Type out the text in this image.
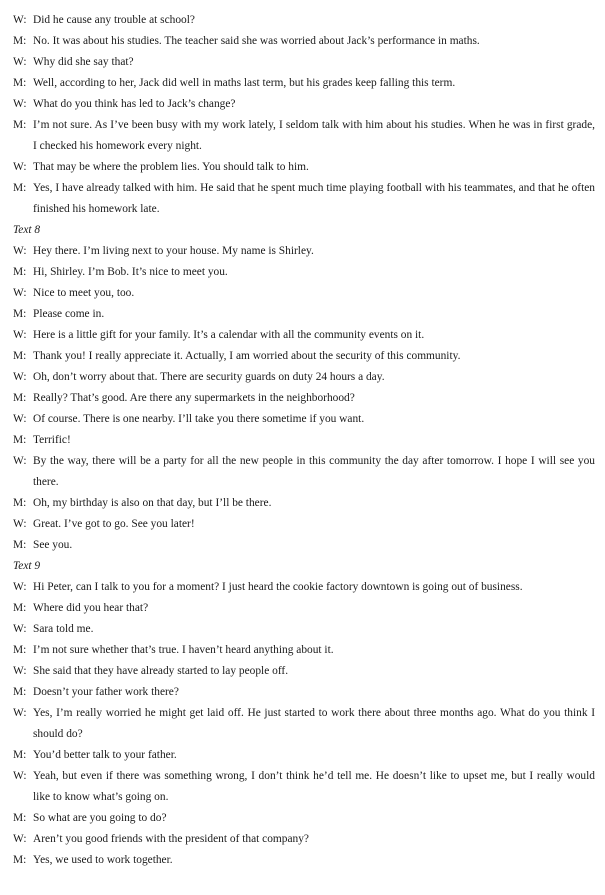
W: Did he cause any trouble at school?
M: No. It was about his studies. The teacher said she was worried about Jack’s performance in maths.
W: Why did she say that?
M: Well, according to her, Jack did well in maths last term, but his grades keep falling this term.
W: What do you think has led to Jack’s change?
M: I’m not sure. As I’ve been busy with my work lately, I seldom talk with him about his studies. When he was in first grade, I checked his homework every night.
W: That may be where the problem lies. You should talk to him.
M: Yes, I have already talked with him. He said that he spent much time playing football with his teammates, and that he often finished his homework late.
Text 8
W: Hey there. I’m living next to your house. My name is Shirley.
M: Hi, Shirley. I’m Bob. It’s nice to meet you.
W: Nice to meet you, too.
M: Please come in.
W: Here is a little gift for your family. It’s a calendar with all the community events on it.
M: Thank you! I really appreciate it. Actually, I am worried about the security of this community.
W: Oh, don’t worry about that. There are security guards on duty 24 hours a day.
M: Really? That’s good. Are there any supermarkets in the neighborhood?
W: Of course. There is one nearby. I’ll take you there sometime if you want.
M: Terrific!
W: By the way, there will be a party for all the new people in this community the day after tomorrow. I hope I will see you there.
M: Oh, my birthday is also on that day, but I’ll be there.
W: Great. I’ve got to go. See you later!
M: See you.
Text 9
W: Hi Peter, can I talk to you for a moment? I just heard the cookie factory downtown is going out of business.
M: Where did you hear that?
W: Sara told me.
M: I’m not sure whether that’s true. I haven’t heard anything about it.
W: She said that they have already started to lay people off.
M: Doesn’t your father work there?
W: Yes, I’m really worried he might get laid off. He just started to work there about three months ago. What do you think I should do?
M: You’d better talk to your father.
W: Yeah, but even if there was something wrong, I don’t think he’d tell me. He doesn’t like to upset me, but I really would like to know what’s going on.
M: So what are you going to do?
W: Aren’t you good friends with the president of that company?
M: Yes, we used to work together.
